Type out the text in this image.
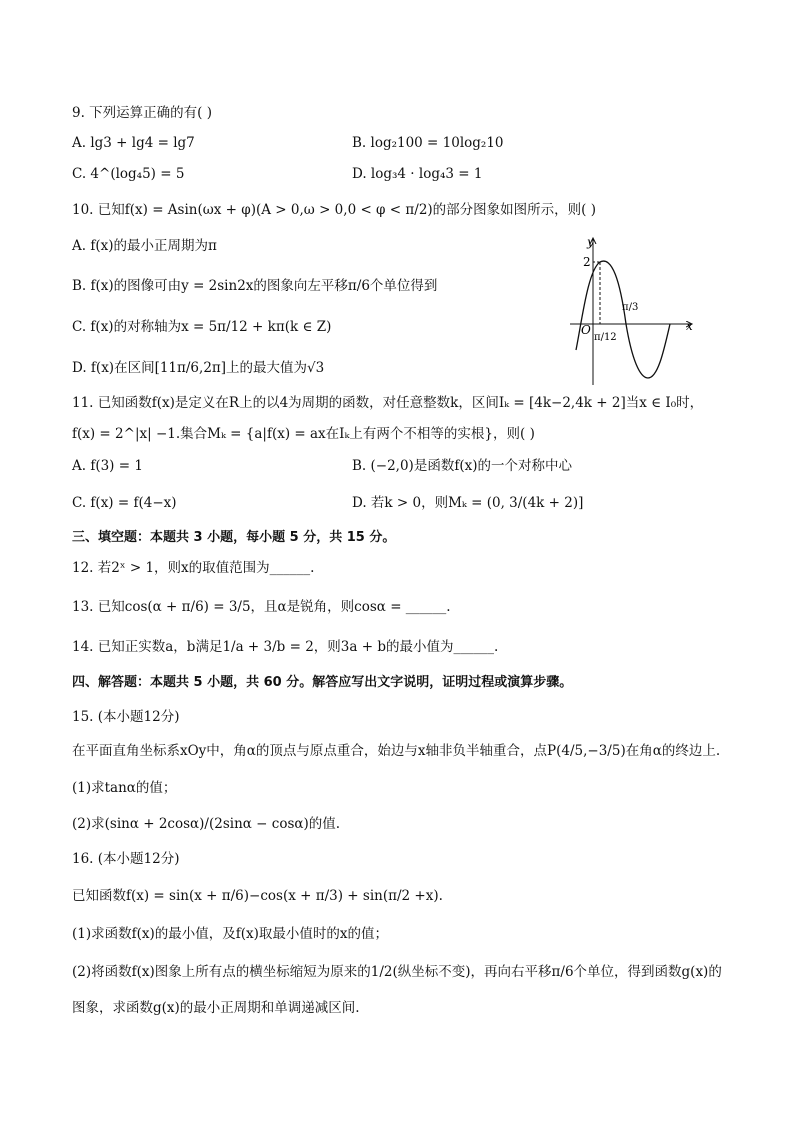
9. 下列运算正确的有( )
A. lg3 + lg4 = lg7	B. log₂100 = 10log₂10
C. 4^(log₄5) = 5	D. log₃4 · log₄3 = 1
10. 已知f(x) = Asin(ωx + φ)(A > 0,ω > 0,0 < φ < π/2)的部分图象如图所示，则( )
A. f(x)的最小正周期为π
B. f(x)的图像可由y = 2sin2x的图象向左平移π/6个单位得到
C. f(x)的对称轴为x = 5π/12 + kπ(k ∈ Z)
D. f(x)在区间[11π/6,2π]上的最大值为√3
y
x
O
2
π/12
π/3
11. 已知函数f(x)是定义在R上的以4为周期的函数，对任意整数k，区间Iₖ = [4k−2,4k + 2]当x ∈ I₀时，
f(x) = 2^|x| −1.集合Mₖ = {a|f(x) = ax在Iₖ上有两个不相等的实根}，则( )
A. f(3) = 1	B. (−2,0)是函数f(x)的一个对称中心
C. f(x) = f(4−x)	D. 若k > 0，则Mₖ = (0, 3/(4k + 2)]
三、填空题：本题共 3 小题，每小题 5 分，共 15 分。
12. 若2ˣ > 1，则x的取值范围为______.
13. 已知cos(α + π/6) = 3/5，且α是锐角，则cosα = ______.
14. 已知正实数a，b满足1/a + 3/b = 2，则3a + b的最小值为______.
四、解答题：本题共 5 小题，共 60 分。解答应写出文字说明，证明过程或演算步骤。
15. (本小题12分)
在平面直角坐标系xOy中，角α的顶点与原点重合，始边与x轴非负半轴重合，点P(4/5,−3/5)在角α的终边上.
(1)求tanα的值；
(2)求(sinα + 2cosα)/(2sinα − cosα)的值.
16. (本小题12分)
已知函数f(x) = sin(x + π/6)−cos(x + π/3) + sin(π/2 +x).
(1)求函数f(x)的最小值，及f(x)取最小值时的x的值；
(2)将函数f(x)图象上所有点的横坐标缩短为原来的1/2(纵坐标不变)，再向右平移π/6个单位，得到函数g(x)的
图象，求函数g(x)的最小正周期和单调递减区间.
